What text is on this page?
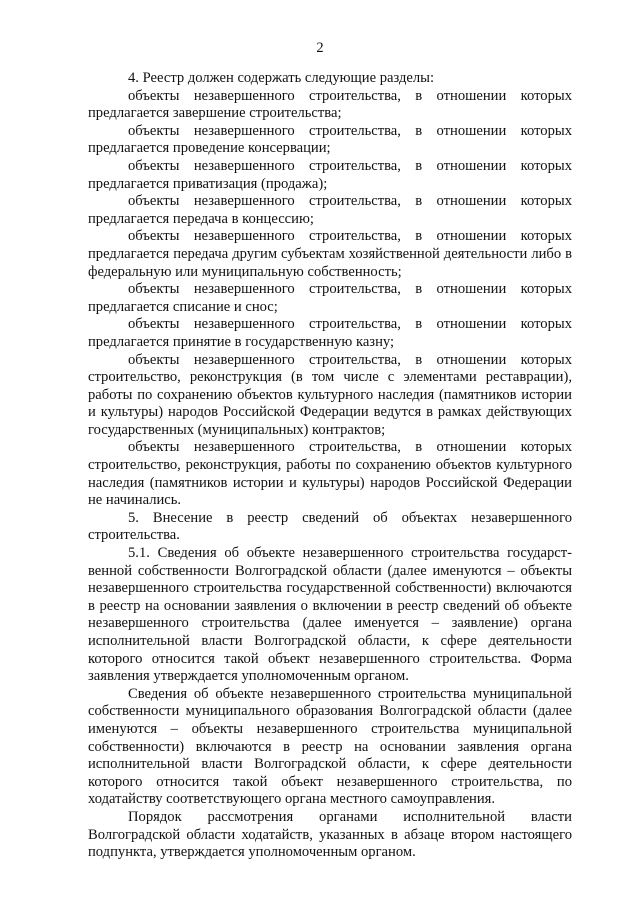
2

4. Реестр должен содержать следующие разделы:

объекты незавершенного строительства, в отношении которых предлагается завершение строительства;

объекты незавершенного строительства, в отношении которых предлагается проведение консервации;

объекты незавершенного строительства, в отношении которых предлагается приватизация (продажа);

объекты незавершенного строительства, в отношении которых предлагается передача в концессию;

объекты незавершенного строительства, в отношении которых предлагается передача другим субъектам хозяйственной деятельности либо в федеральную или муниципальную собственность;

объекты незавершенного строительства, в отношении которых предлагается списание и снос;

объекты незавершенного строительства, в отношении которых предлагается принятие в государственную казну;

объекты незавершенного строительства, в отношении которых строительство, реконструкция (в том числе с элементами реставрации), работы по сохранению объектов культурного наследия (памятников истории и культуры) народов Российской Федерации ведутся в рамках действующих государственных (муниципальных) контрактов;

объекты незавершенного строительства, в отношении которых строительство, реконструкция, работы по сохранению объектов культурного наследия (памятников истории и культуры) народов Российской Федерации не начинались.

5. Внесение в реестр сведений об объектах незавершенного строительства.

5.1. Сведения об объекте незавершенного строительства государственной собственности Волгоградской области (далее именуются – объекты незавершенного строительства государственной собственности) включаются в реестр на основании заявления о включении в реестр сведений об объекте незавершенного строительства (далее именуется – заявление) органа исполнительной власти Волгоградской области, к сфере деятельности которого относится такой объект незавершенного строительства. Форма заявления утверждается уполномоченным органом.

Сведения об объекте незавершенного строительства муниципальной собственности муниципального образования Волгоградской области (далее именуются – объекты незавершенного строительства муниципальной собственности) включаются в реестр на основании заявления органа исполнительной власти Волгоградской области, к сфере деятельности которого относится такой объект незавершенного строительства, по ходатайству соответствующего органа местного самоуправления.

Порядок рассмотрения органами исполнительной власти Волгоградской области ходатайств, указанных в абзаце втором настоящего подпункта, утверждается уполномоченным органом.
